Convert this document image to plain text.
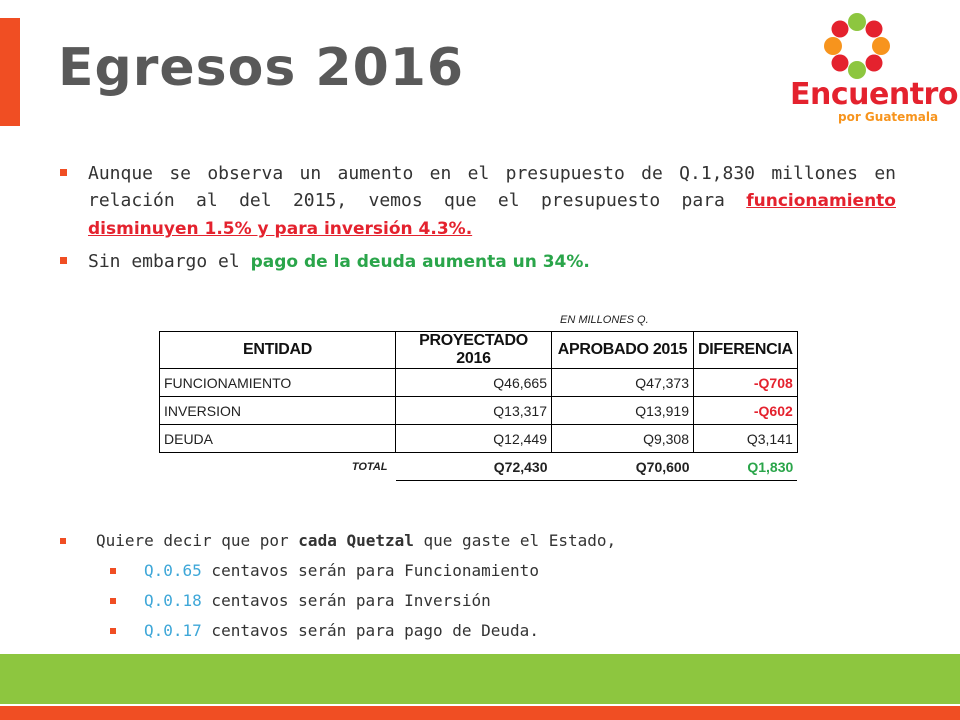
Egresos 2016	Encuentro
por Guatemala
Aunque se observa un aumento en el presupuesto de Q.1,830 millones en relación al del 2015, vemos que el presupuesto para funcionamiento disminuyen 1.5% y para inversión 4.3%.
Sin embargo el pago de la deuda aumenta un 34%.
EN MILLONES Q.
ENTIDAD	PROYECTADO 2016	APROBADO 2015	DIFERENCIA
FUNCIONAMIENTO	Q46,665	Q47,373	-Q708
INVERSION	Q13,317	Q13,919	-Q602
DEUDA	Q12,449	Q9,308	Q3,141
TOTAL	Q72,430	Q70,600	Q1,830
Quiere decir que por cada Quetzal que gaste el Estado,
Q.0.65 centavos serán para Funcionamiento
Q.0.18 centavos serán para Inversión
Q.0.17 centavos serán para pago de Deuda.
